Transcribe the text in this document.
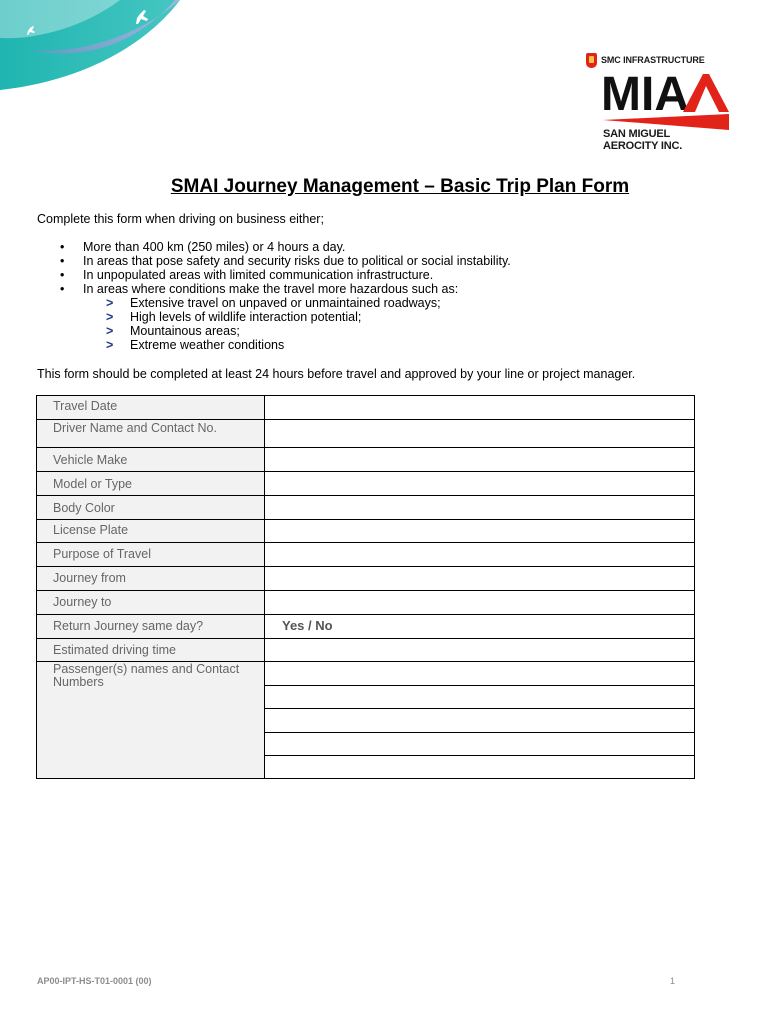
SMC INFRASTRUCTURE
MIA
SAN MIGUEL
AEROCITY INC.
SMAI Journey Management – Basic Trip Plan Form
Complete this form when driving on business either;
• More than 400 km (250 miles) or 4 hours a day.
• In areas that pose safety and security risks due to political or social instability.
• In unpopulated areas with limited communication infrastructure.
• In areas where conditions make the travel more hazardous such as:
> Extensive travel on unpaved or unmaintained roadways;
> High levels of wildlife interaction potential;
> Mountainous areas;
> Extreme weather conditions
This form should be completed at least 24 hours before travel and approved by your line or project manager.
Travel Date
Driver Name and Contact No.
Vehicle Make
Model or Type
Body Color
License Plate
Purpose of Travel
Journey from
Journey to
Return Journey same day?	Yes / No
Estimated driving time
Passenger(s) names and Contact Numbers
AP00-IPT-HS-T01-0001 (00)	1
